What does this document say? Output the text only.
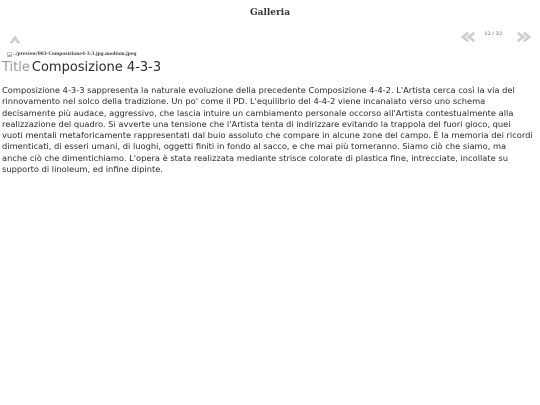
Galleria
12 / 33
../preview/003-Composizione4-3-3.jpg.medium.jpeg
Title Composizione 4-3-3

Composizione 4-3-3 sappresenta la naturale evoluzione della precedente Composizione 4-4-2. L'Artista cerca così la via del rinnovamento nel solco della tradizione. Un po' come il PD. L'equilibrio del 4-4-2 viene incanalato verso uno schema decisamente più audace, aggressivo, che lascia intuire un cambiamento personale occorso all'Artista contestualmente alla realizzazione del quadro. Si avverte una tensione che l'Artista tenta di indirizzare evitando la trappola del fuori gioco, quei vuoti mentali metaforicamente rappresentati dal buio assoluto che compare in alcune zone del campo. È la memoria dei ricordi dimenticati, di esseri umani, di luoghi, oggetti finiti in fondo al sacco, e che mai più torneranno. Siamo ciò che siamo, ma anche ciò che dimentichiamo. L'opera è stata realizzata mediante strisce colorate di plastica fine, intrecciate, incollate su supporto di linoleum, ed infine dipinte.
